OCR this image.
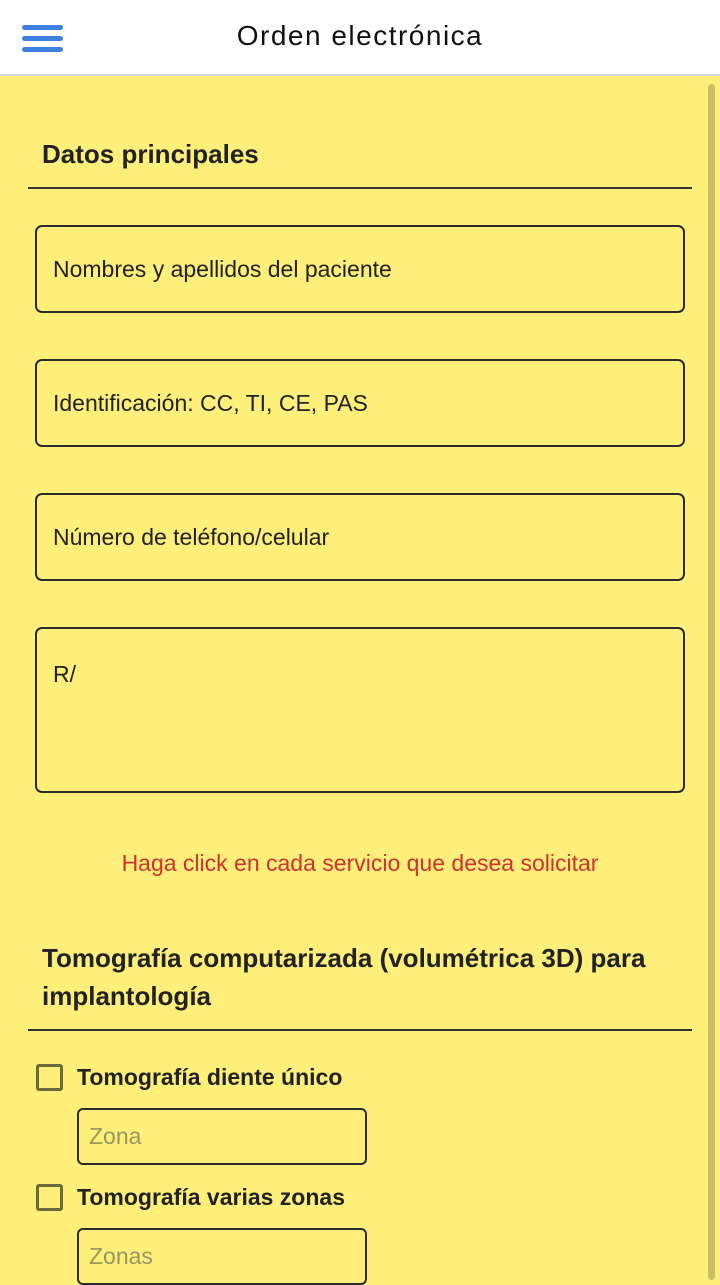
Orden electrónica
Datos principales
Nombres y apellidos del paciente
Identificación: CC, TI, CE, PAS
Número de teléfono/celular
R/
Haga click en cada servicio que desea solicitar
Tomografía computarizada (volumétrica 3D) para implantología
Tomografía diente único
Zona
Tomografía varias zonas
Zonas
